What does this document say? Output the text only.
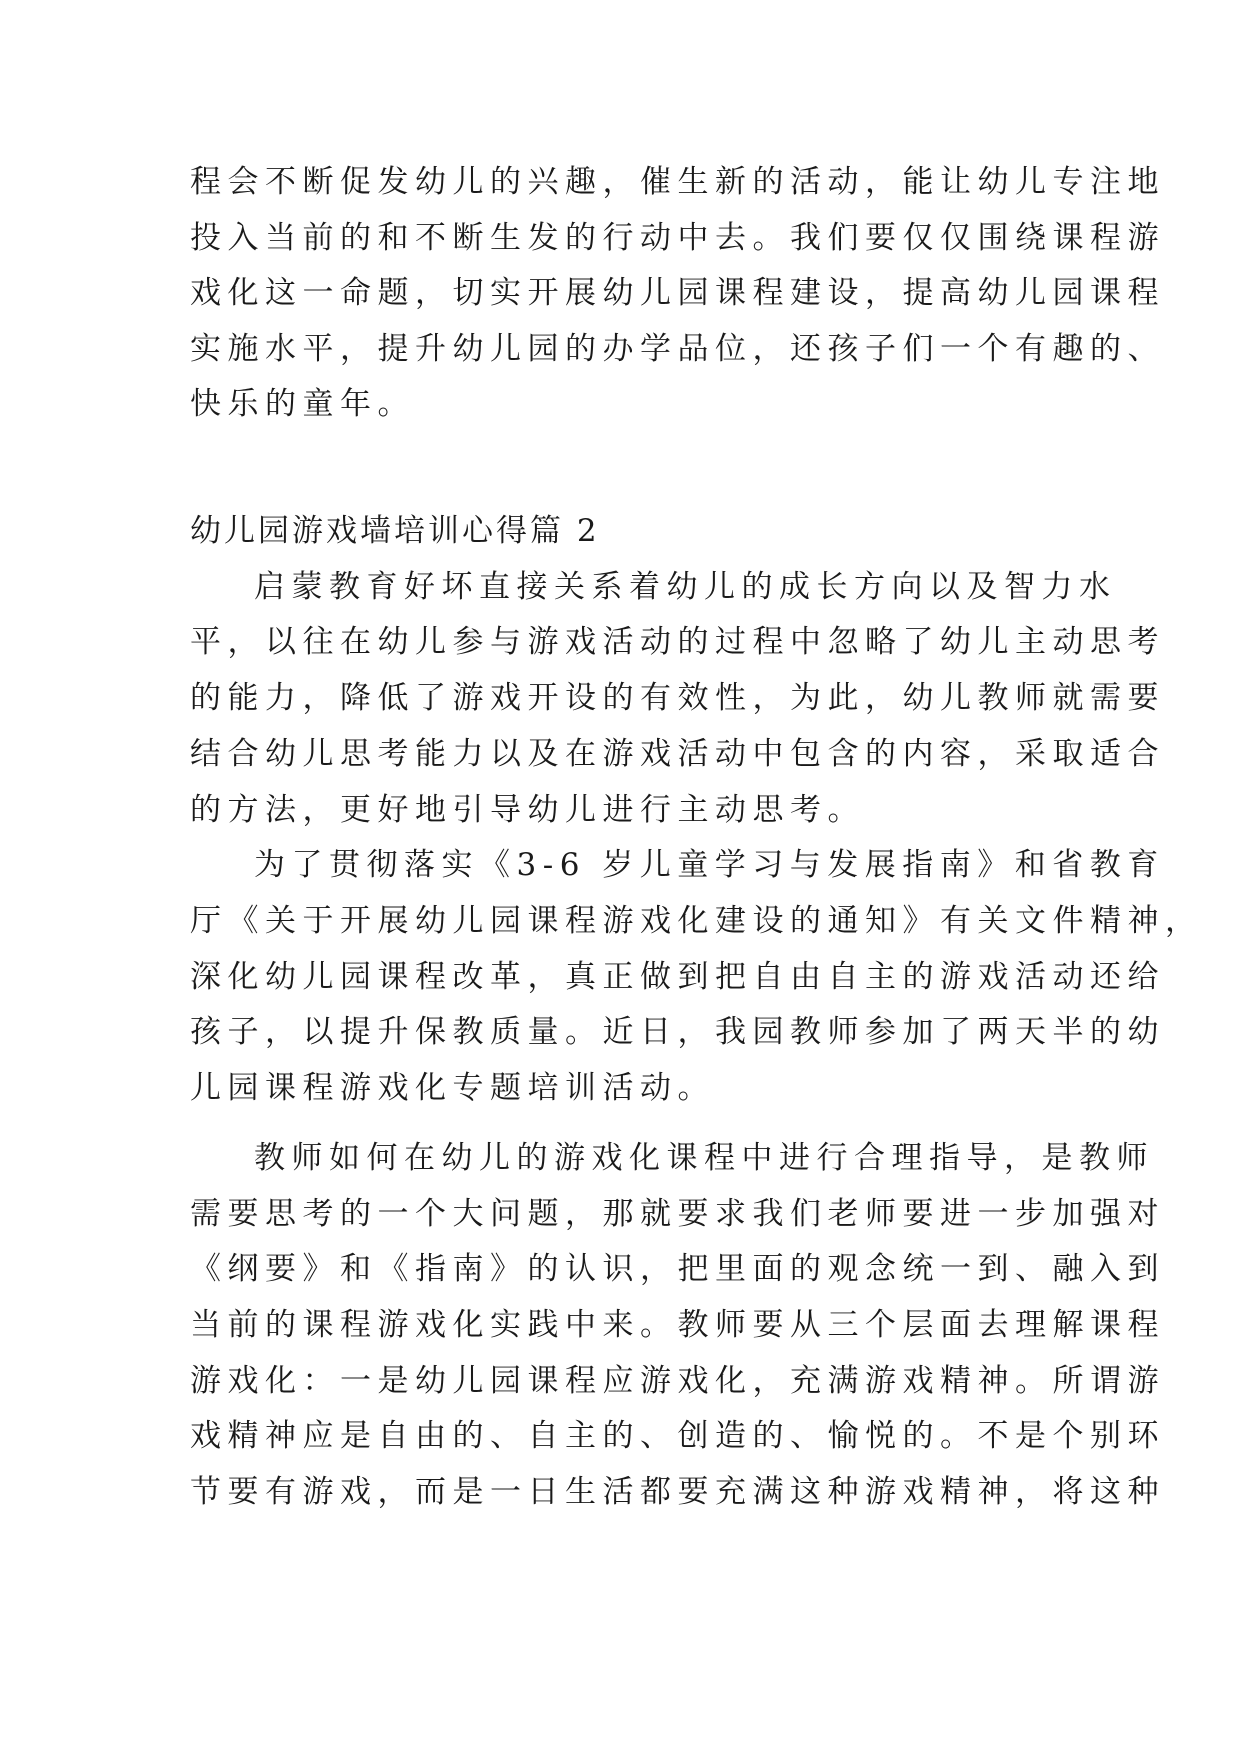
程会不断促发幼儿的兴趣，催生新的活动，能让幼儿专注地
投入当前的和不断生发的行动中去。我们要仅仅围绕课程游
戏化这一命题，切实开展幼儿园课程建设，提高幼儿园课程
实施水平，提升幼儿园的办学品位，还孩子们一个有趣的、
快乐的童年。
幼儿园游戏墙培训心得篇 2
启蒙教育好坏直接关系着幼儿的成长方向以及智力水
平，以往在幼儿参与游戏活动的过程中忽略了幼儿主动思考
的能力，降低了游戏开设的有效性，为此，幼儿教师就需要
结合幼儿思考能力以及在游戏活动中包含的内容，采取适合
的方法，更好地引导幼儿进行主动思考。
为了贯彻落实《3-6 岁儿童学习与发展指南》和省教育
厅《关于开展幼儿园课程游戏化建设的通知》有关文件精神，
深化幼儿园课程改革，真正做到把自由自主的游戏活动还给
孩子，以提升保教质量。近日，我园教师参加了两天半的幼
儿园课程游戏化专题培训活动。
教师如何在幼儿的游戏化课程中进行合理指导，是教师
需要思考的一个大问题，那就要求我们老师要进一步加强对
《纲要》和《指南》的认识，把里面的观念统一到、融入到
当前的课程游戏化实践中来。教师要从三个层面去理解课程
游戏化：一是幼儿园课程应游戏化，充满游戏精神。所谓游
戏精神应是自由的、自主的、创造的、愉悦的。不是个别环
节要有游戏，而是一日生活都要充满这种游戏精神，将这种
